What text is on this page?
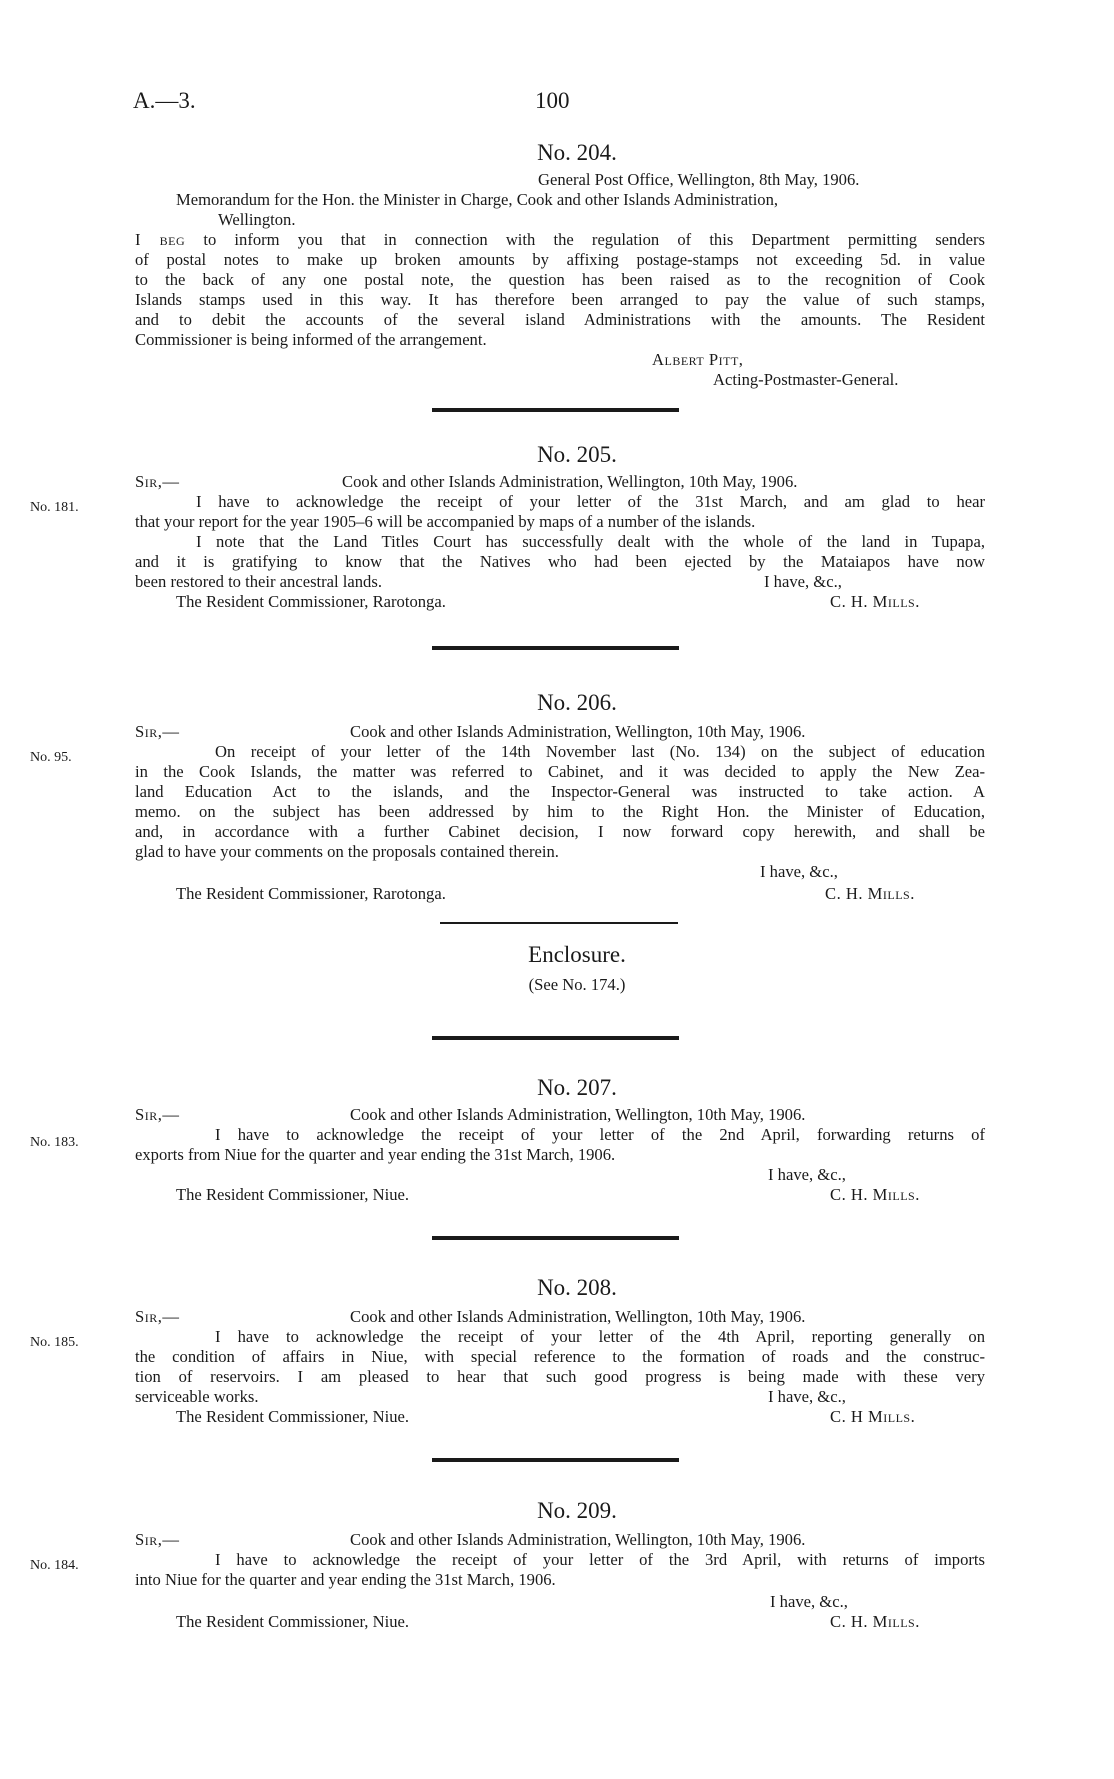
A.—3.	100
No. 204.
General Post Office, Wellington, 8th May, 1906.
Memorandum for the Hon. the Minister in Charge, Cook and other Islands Administration,
Wellington.
I beg to inform you that in connection with the regulation of this Department permitting senders
of postal notes to make up broken amounts by affixing postage-stamps not exceeding 5d. in value
to the back of any one postal note, the question has been raised as to the recognition of Cook
Islands stamps used in this way. It has therefore been arranged to pay the value of such stamps,
and to debit the accounts of the several island Administrations with the amounts. The Resident
Commissioner is being informed of the arrangement.
Albert Pitt,
Acting-Postmaster-General.
No. 205.
No. 181.
Sir,—	Cook and other Islands Administration, Wellington, 10th May, 1906.
I have to acknowledge the receipt of your letter of the 31st March, and am glad to hear
that your report for the year 1905–6 will be accompanied by maps of a number of the islands.
I note that the Land Titles Court has successfully dealt with the whole of the land in Tupapa,
and it is gratifying to know that the Natives who had been ejected by the Mataiapos have now
been restored to their ancestral lands.	I have, &c.,
The Resident Commissioner, Rarotonga.	C. H. Mills.
No. 206.
No. 95.
Sir,—	Cook and other Islands Administration, Wellington, 10th May, 1906.
On receipt of your letter of the 14th November last (No. 134) on the subject of education
in the Cook Islands, the matter was referred to Cabinet, and it was decided to apply the New Zea-
land Education Act to the islands, and the Inspector-General was instructed to take action. A
memo. on the subject has been addressed by him to the Right Hon. the Minister of Education,
and, in accordance with a further Cabinet decision, I now forward copy herewith, and shall be
glad to have your comments on the proposals contained therein.
I have, &c.,
The Resident Commissioner, Rarotonga.	C. H. Mills.
Enclosure.
(See No. 174.)
No. 207.
No. 183.
Sir,—	Cook and other Islands Administration, Wellington, 10th May, 1906.
I have to acknowledge the receipt of your letter of the 2nd April, forwarding returns of
exports from Niue for the quarter and year ending the 31st March, 1906.
I have, &c.,
The Resident Commissioner, Niue.	C. H. Mills.
No. 208.
No. 185.
Sir,—	Cook and other Islands Administration, Wellington, 10th May, 1906.
I have to acknowledge the receipt of your letter of the 4th April, reporting generally on
the condition of affairs in Niue, with special reference to the formation of roads and the construc-
tion of reservoirs. I am pleased to hear that such good progress is being made with these very
serviceable works.	I have, &c.,
The Resident Commissioner, Niue.	C. H Mills.
No. 209.
No. 184.
Sir,—	Cook and other Islands Administration, Wellington, 10th May, 1906.
I have to acknowledge the receipt of your letter of the 3rd April, with returns of imports
into Niue for the quarter and year ending the 31st March, 1906.
I have, &c.,
The Resident Commissioner, Niue.	C. H. Mills.
